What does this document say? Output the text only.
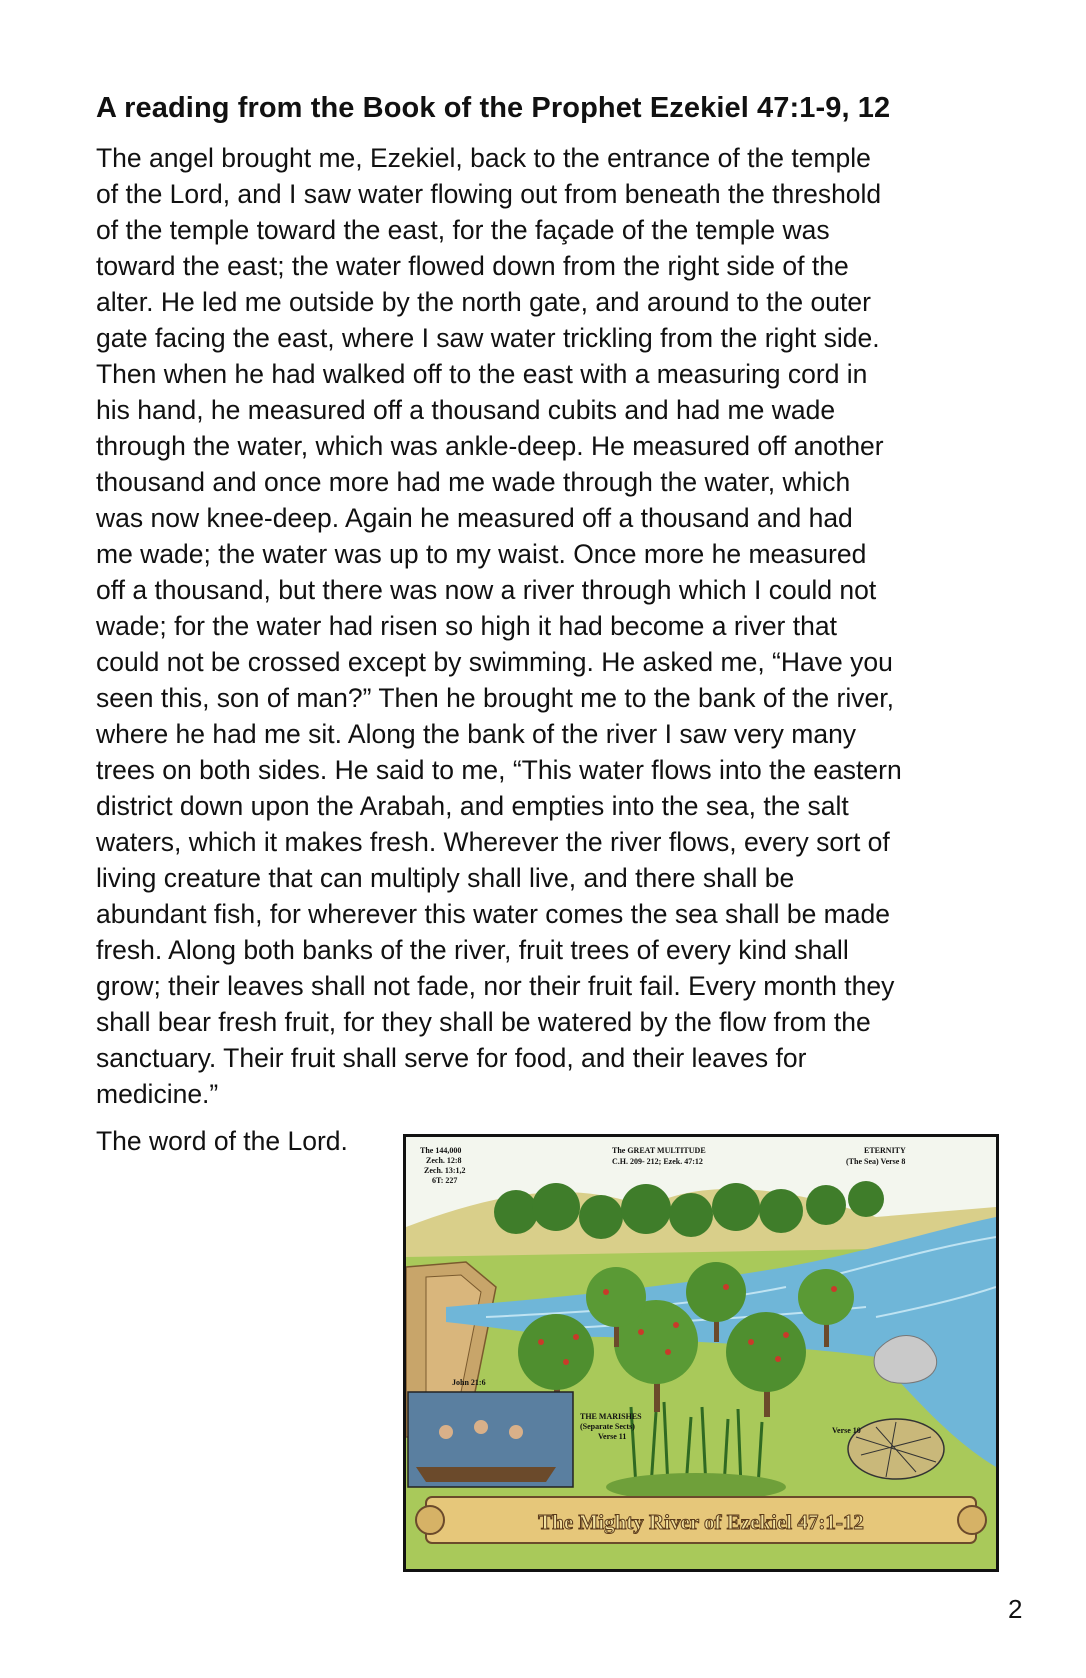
A reading from the Book of the Prophet Ezekiel 47:1-9, 12
The angel brought me, Ezekiel, back to the entrance of the temple
of the Lord, and I saw water flowing out from beneath the threshold
of the temple toward the east, for the façade of the temple was
toward the east; the water flowed down from the right side of the
alter. He led me outside by the north gate, and around to the outer
gate facing the east, where I saw water trickling from the right side.
Then when he had walked off to the east with a measuring cord in
his hand, he measured off a thousand cubits and had me wade
through the water, which was ankle-deep. He measured off another
thousand and once more had me wade through the water, which
was now knee-deep. Again he measured off a thousand and had
me wade; the water was up to my waist. Once more he measured
off a thousand, but there was now a river through which I could not
wade; for the water had risen so high it had become a river that
could not be crossed except by swimming. He asked me, “Have you
seen this, son of man?” Then he brought me to the bank of the river,
where he had me sit. Along the bank of the river I saw very many
trees on both sides. He said to me, “This water flows into the eastern
district down upon the Arabah, and empties into the sea, the salt
waters, which it makes fresh. Wherever the river flows, every sort of
living creature that can multiply shall live, and there shall be
abundant fish, for wherever this water comes the sea shall be made
fresh. Along both banks of the river, fruit trees of every kind shall
grow; their leaves shall not fade, nor their fruit fail. Every month they
shall bear fresh fruit, for they shall be watered by the flow from the
sanctuary. Their fruit shall serve for food, and their leaves for
medicine.”
The word of the Lord.	The 144,000
Zech. 12:8
Zech. 13:1,2
6T: 227
The GREAT MULTITUDE
C.H. 209- 212; Ezek. 47:12
ETERNITY
(The Sea) Verse 8
John 21:6
THE MARISHES
(Separate Sects)
Verse 11
Verse 10
The Mighty River of Ezekiel 47:1-12
2
